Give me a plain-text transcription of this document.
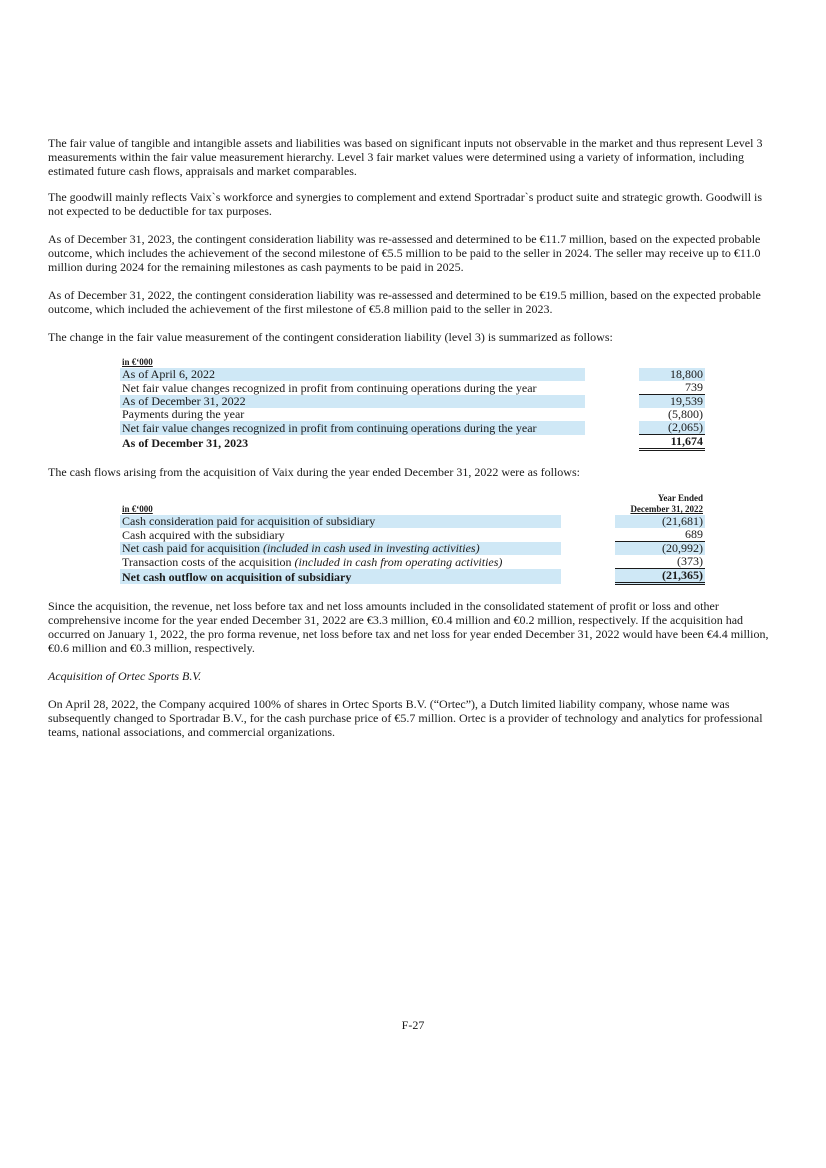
The fair value of tangible and intangible assets and liabilities was based on significant inputs not observable in the market and thus represent Level 3 measurements within the fair value measurement hierarchy. Level 3 fair market values were determined using a variety of information, including estimated future cash flows, appraisals and market comparables.

The goodwill mainly reflects Vaix`s workforce and synergies to complement and extend Sportradar`s product suite and strategic growth. Goodwill is not expected to be deductible for tax purposes.

As of December 31, 2023, the contingent consideration liability was re-assessed and determined to be €11.7 million, based on the expected probable outcome, which includes the achievement of the second milestone of €5.5 million to be paid to the seller in 2024. The seller may receive up to €11.0 million during 2024 for the remaining milestones as cash payments to be paid in 2025.

As of December 31, 2022, the contingent consideration liability was re-assessed and determined to be €19.5 million, based on the expected probable outcome, which included the achievement of the first milestone of €5.8 million paid to the seller in 2023.

The change in the fair value measurement of the contingent consideration liability (level 3) is summarized as follows:

in €‘000		
As of April 6, 2022		18,800
Net fair value changes recognized in profit from continuing operations during the year		739
As of December 31, 2022		19,539
Payments during the year		(5,800)
Net fair value changes recognized in profit from continuing operations during the year		(2,065)
As of December 31, 2023		11,674

The cash flows arising from the acquisition of Vaix during the year ended December 31, 2022 were as follows:

in €‘000		Year Ended
December 31, 2022

Cash consideration paid for acquisition of subsidiary		(21,681)
Cash acquired with the subsidiary		689
Net cash paid for acquisition (included in cash used in investing activities)		(20,992)
Transaction costs of the acquisition (included in cash from operating activities)		(373)
Net cash outflow on acquisition of subsidiary		(21,365)

Since the acquisition, the revenue, net loss before tax and net loss amounts included in the consolidated statement of profit or loss and other comprehensive income for the year ended December 31, 2022 are €3.3 million, €0.4 million and €0.2 million, respectively. If the acquisition had occurred on January 1, 2022, the pro forma revenue, net loss before tax and net loss for year ended December 31, 2022 would have been €4.4 million, €0.6 million and €0.3 million, respectively.

Acquisition of Ortec Sports B.V.

On April 28, 2022, the Company acquired 100% of shares in Ortec Sports B.V. (“Ortec”), a Dutch limited liability company, whose name was subsequently changed to Sportradar B.V., for the cash purchase price of €5.7 million. Ortec is a provider of technology and analytics for professional teams, national associations, and commercial organizations.

F-27
